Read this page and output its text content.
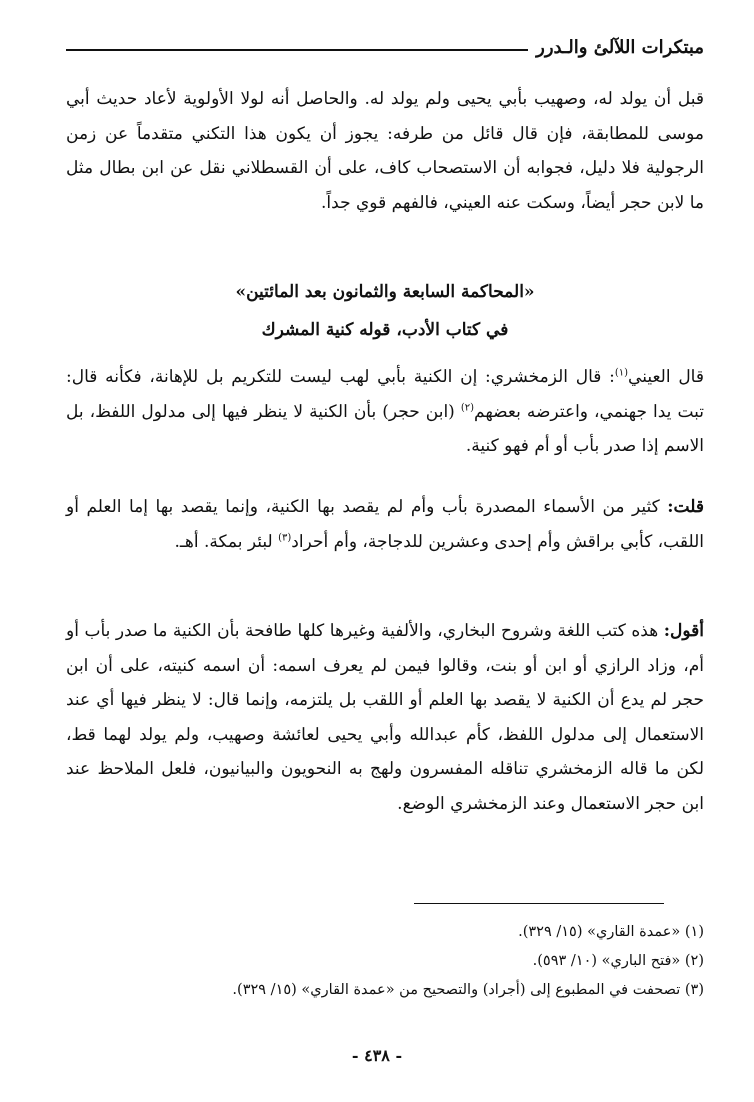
مبتكرات اللآلئ والـدرر

قبل أن يولد له، وصهيب بأبي يحيى ولم يولد له. والحاصل أنه لولا الأولوية لأعاد حديث أبي موسى للمطابقة، فإن قال قائل من طرفه: يجوز أن يكون هذا التكني متقدماً عن زمن الرجولية فلا دليل، فجوابه أن الاستصحاب كاف، على أن القسطلاني نقل عن ابن بطال مثل ما لابن حجر أيضاً، وسكت عنه العيني، فالفهم قوي جداً.

«المحاكمة السابعة والثمانون بعد المائتين»
في كتاب الأدب، قوله كنية المشرك

قال العيني$^{(١)}$: قال الزمخشري: إن الكنية بأبي لهب ليست للتكريم بل للإهانة، فكأنه قال: تبت يدا جهنمي، واعترضه بعضهم$^{(٢)}$ (ابن حجر) بأن الكنية لا ينظر فيها إلى مدلول اللفظ، بل الاسم إذا صدر بأب أو أم فهو كنية.

قلت: كثير من الأسماء المصدرة بأب وأم لم يقصد بها الكنية، وإنما يقصد بها إما العلم أو اللقب، كأبي براقش وأم إحدى وعشرين للدجاجة، وأم أحراد$^{(٣)}$ لبئر بمكة. أهـ.

أقول: هذه كتب اللغة وشروح البخاري، والألفية وغيرها كلها طافحة بأن الكنية ما صدر بأب أو أم، وزاد الرازي أو ابن أو بنت، وقالوا فيمن لم يعرف اسمه: أن اسمه كنيته، على أن ابن حجر لم يدع أن الكنية لا يقصد بها العلم أو اللقب بل يلتزمه، وإنما قال: لا ينظر فيها أي عند الاستعمال إلى مدلول اللفظ، كأم عبدالله وأبي يحيى لعائشة وصهيب، ولم يولد لهما قط، لكن ما قاله الزمخشري تناقله المفسرون ولهج به النحويون والبيانيون، فلعل الملاحظ عند ابن حجر الاستعمال وعند الزمخشري الوضع.

(١) «عمدة القاري» (١٥/ ٣٢٩).

(٢) «فتح الباري» (١٠/ ٥٩٣).

(٣) تصحفت في المطبوع إلى (أجراد) والتصحيح من «عمدة القاري» (١٥/ ٣٢٩).

- ٤٣٨ -
